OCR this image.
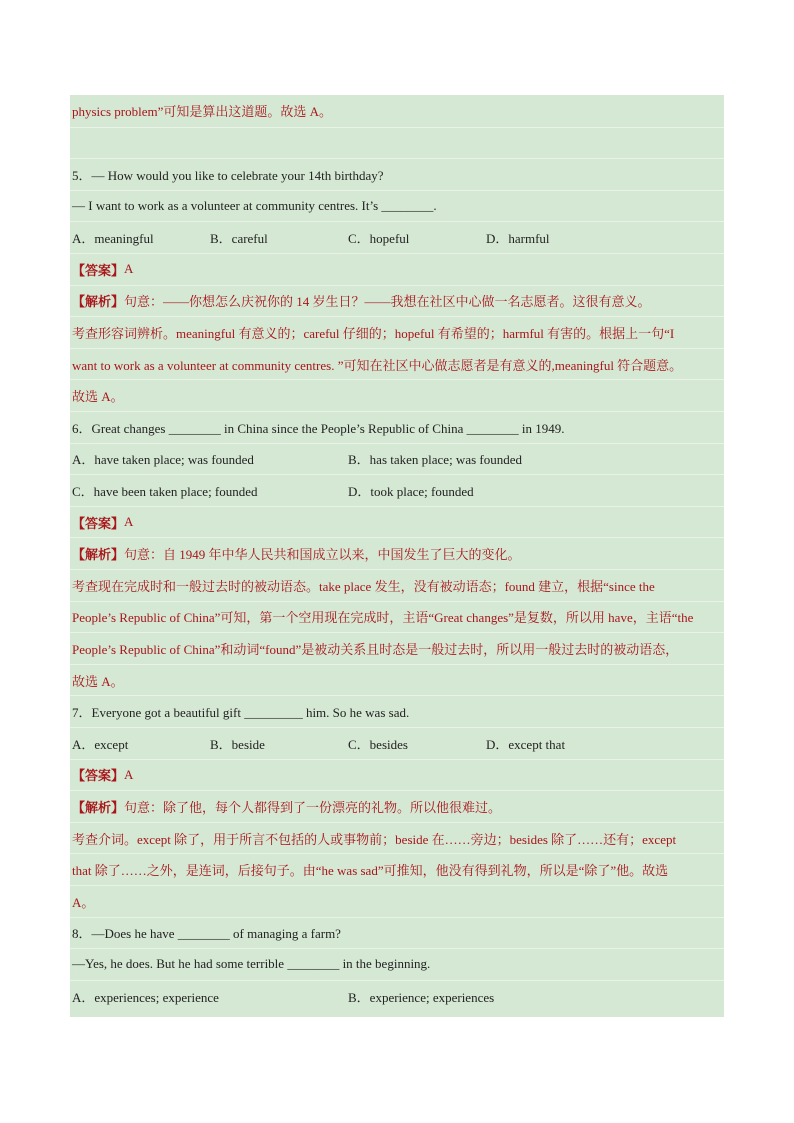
physics problem”可知是算出这道题。故选 A。
5．— How would you like to celebrate your 14th birthday?
— I want to work as a volunteer at community centres. It’s ________.
A．meaningful	B．careful	C．hopeful	D．harmful
【答案】 A
【解析】 句意：——你想怎么庆祝你的 14 岁生日？——我想在社区中心做一名志愿者。这很有意义。
考查形容词辨析。meaningful 有意义的；careful 仔细的；hopeful 有希望的；harmful 有害的。根据上一句“I
want to work as a volunteer at community centres. ”可知在社区中心做志愿者是有意义的,meaningful 符合题意。
故选 A。
6．Great changes ________ in China since the People’s Republic of China ________ in 1949.
A．have taken place; was founded	B．has taken place; was founded
C．have been taken place; founded	D．took place; founded
【答案】 A
【解析】 句意：自 1949 年中华人民共和国成立以来，中国发生了巨大的变化。
考查现在完成时和一般过去时的被动语态。take place 发生，没有被动语态；found 建立，根据“since the
People’s Republic of China”可知，第一个空用现在完成时，主语“Great changes”是复数，所以用 have，主语“the
People’s Republic of China”和动词“found”是被动关系且时态是一般过去时，所以用一般过去时的被动语态，
故选 A。
7．Everyone got a beautiful gift _________ him. So he was sad.
A．except	B．beside	C．besides	D．except that
【答案】 A
【解析】 句意：除了他，每个人都得到了一份漂亮的礼物。所以他很难过。
考查介词。except 除了，用于所言不包括的人或事物前；beside 在……旁边；besides 除了……还有；except
that 除了……之外，是连词，后接句子。由“he was sad”可推知，他没有得到礼物，所以是“除了”他。故选
A。
8．—Does he have ________ of managing a farm?
—Yes, he does. But he had some terrible ________ in the beginning.
A．experiences; experience	B．experience; experiences
